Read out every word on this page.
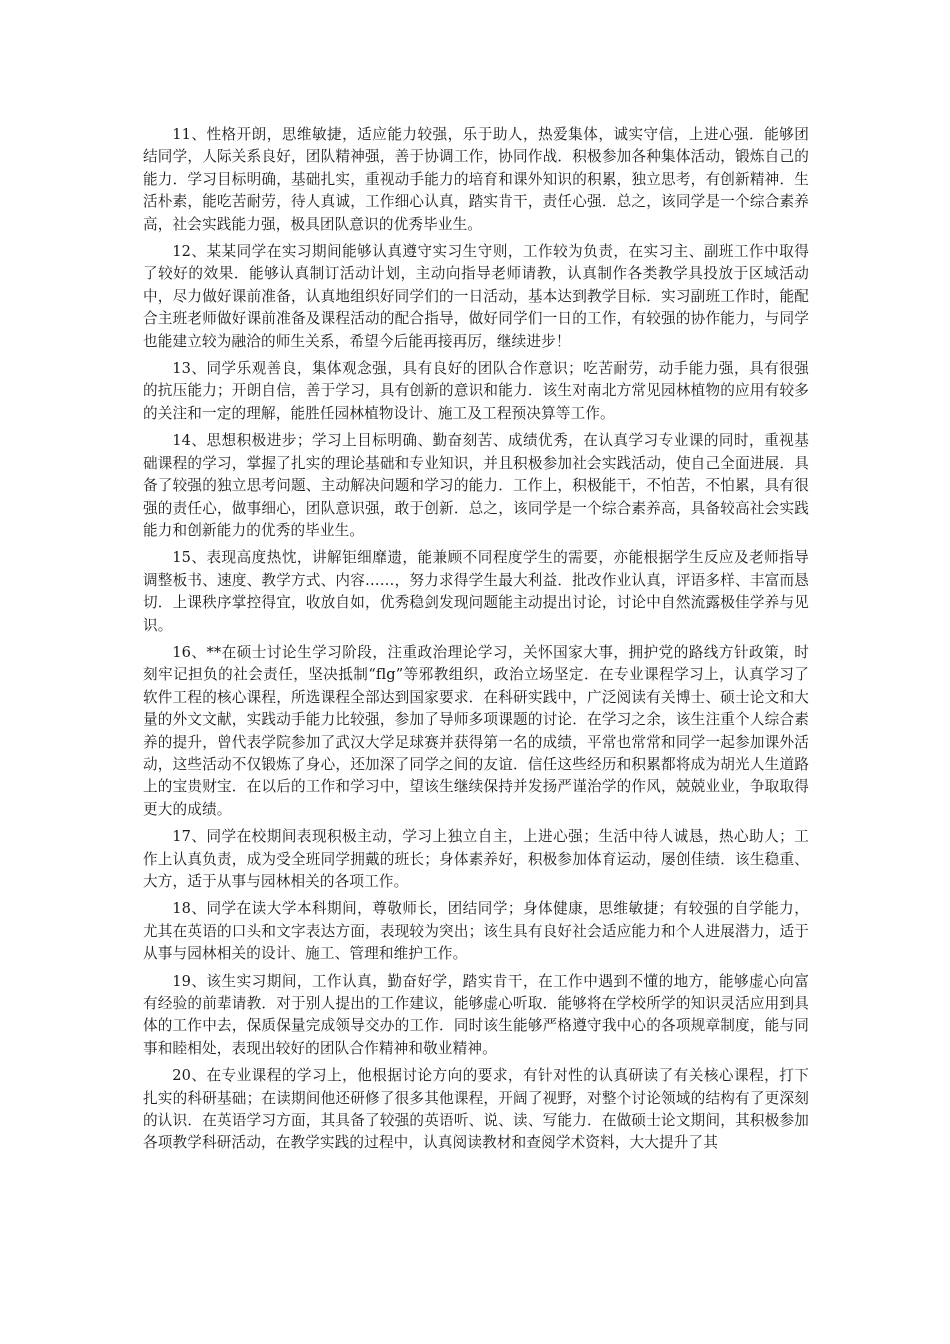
11、性格开朗，思维敏捷，适应能力较强，乐于助人，热爱集体，诚实守信，上进心强．能够团结同学，人际关系良好，团队精神强，善于协调工作，协同作战．积极参加各种集体活动，锻炼自己的能力．学习目标明确，基础扎实，重视动手能力的培育和课外知识的积累，独立思考，有创新精神．生活朴素，能吃苦耐劳，待人真诚，工作细心认真，踏实肯干，责任心强．总之，该同学是一个综合素养高，社会实践能力强，极具团队意识的优秀毕业生。

12、某某同学在实习期间能够认真遵守实习生守则，工作较为负责，在实习主、副班工作中取得了较好的效果．能够认真制订活动计划，主动向指导老师请教，认真制作各类教学具投放于区域活动中，尽力做好课前准备，认真地组织好同学们的一日活动，基本达到教学目标．实习副班工作时，能配合主班老师做好课前准备及课程活动的配合指导，做好同学们一日的工作，有较强的协作能力，与同学也能建立较为融洽的师生关系，希望今后能再接再厉，继续进步！

13、同学乐观善良，集体观念强，具有良好的团队合作意识；吃苦耐劳，动手能力强，具有很强的抗压能力；开朗自信，善于学习，具有创新的意识和能力．该生对南北方常见园林植物的应用有较多的关注和一定的理解，能胜任园林植物设计、施工及工程预决算等工作。

14、思想积极进步；学习上目标明确、勤奋刻苦、成绩优秀，在认真学习专业课的同时，重视基础课程的学习，掌握了扎实的理论基础和专业知识，并且积极参加社会实践活动，使自己全面进展．具备了较强的独立思考问题、主动解决问题和学习的能力．工作上，积极能干，不怕苦，不怕累，具有很强的责任心，做事细心，团队意识强，敢于创新．总之，该同学是一个综合素养高，具备较高社会实践能力和创新能力的优秀的毕业生。

15、表现高度热忱，讲解钜细靡遗，能兼顾不同程度学生的需要，亦能根据学生反应及老师指导调整板书、速度、教学方式、内容……，努力求得学生最大利益．批改作业认真，评语多样、丰富而恳切．上课秩序掌控得宜，收放自如，优秀稳剑发现问题能主动提出讨论，讨论中自然流露极佳学养与见识。

16、**在硕士讨论生学习阶段，注重政治理论学习，关怀国家大事，拥护党的路线方针政策，时刻牢记担负的社会责任，坚决抵制“flg”等邪教组织，政治立场坚定．在专业课程学习上，认真学习了软件工程的核心课程，所选课程全部达到国家要求．在科研实践中，广泛阅读有关博士、硕士论文和大量的外文文献，实践动手能力比较强，参加了导师多项课题的讨论．在学习之余，该生注重个人综合素养的提升，曾代表学院参加了武汉大学足球赛并获得第一名的成绩，平常也常常和同学一起参加课外活动，这些活动不仅锻炼了身心，还加深了同学之间的友谊．信任这些经历和积累都将成为胡光人生道路上的宝贵财宝．在以后的工作和学习中，望该生继续保持并发扬严谨治学的作风，兢兢业业，争取取得更大的成绩。

17、同学在校期间表现积极主动，学习上独立自主，上进心强；生活中待人诚恳，热心助人；工作上认真负责，成为受全班同学拥戴的班长；身体素养好，积极参加体育运动，屡创佳绩．该生稳重、大方，适于从事与园林相关的各项工作。

18、同学在读大学本科期间，尊敬师长，团结同学；身体健康，思维敏捷；有较强的自学能力，尤其在英语的口头和文字表达方面，表现较为突出；该生具有良好社会适应能力和个人进展潜力，适于从事与园林相关的设计、施工、管理和维护工作。

19、该生实习期间，工作认真，勤奋好学，踏实肯干，在工作中遇到不懂的地方，能够虚心向富有经验的前辈请教．对于别人提出的工作建议，能够虚心听取．能够将在学校所学的知识灵活应用到具体的工作中去，保质保量完成领导交办的工作．同时该生能够严格遵守我中心的各项规章制度，能与同事和睦相处，表现出较好的团队合作精神和敬业精神。

20、在专业课程的学习上，他根据讨论方向的要求，有针对性的认真研读了有关核心课程，打下扎实的科研基础；在读期间他还研修了很多其他课程，开阔了视野，对整个讨论领域的结构有了更深刻的认识．在英语学习方面，其具备了较强的英语听、说、读、写能力．在做硕士论文期间，其积极参加各项教学科研活动，在教学实践的过程中，认真阅读教材和查阅学术资料，大大提升了其
